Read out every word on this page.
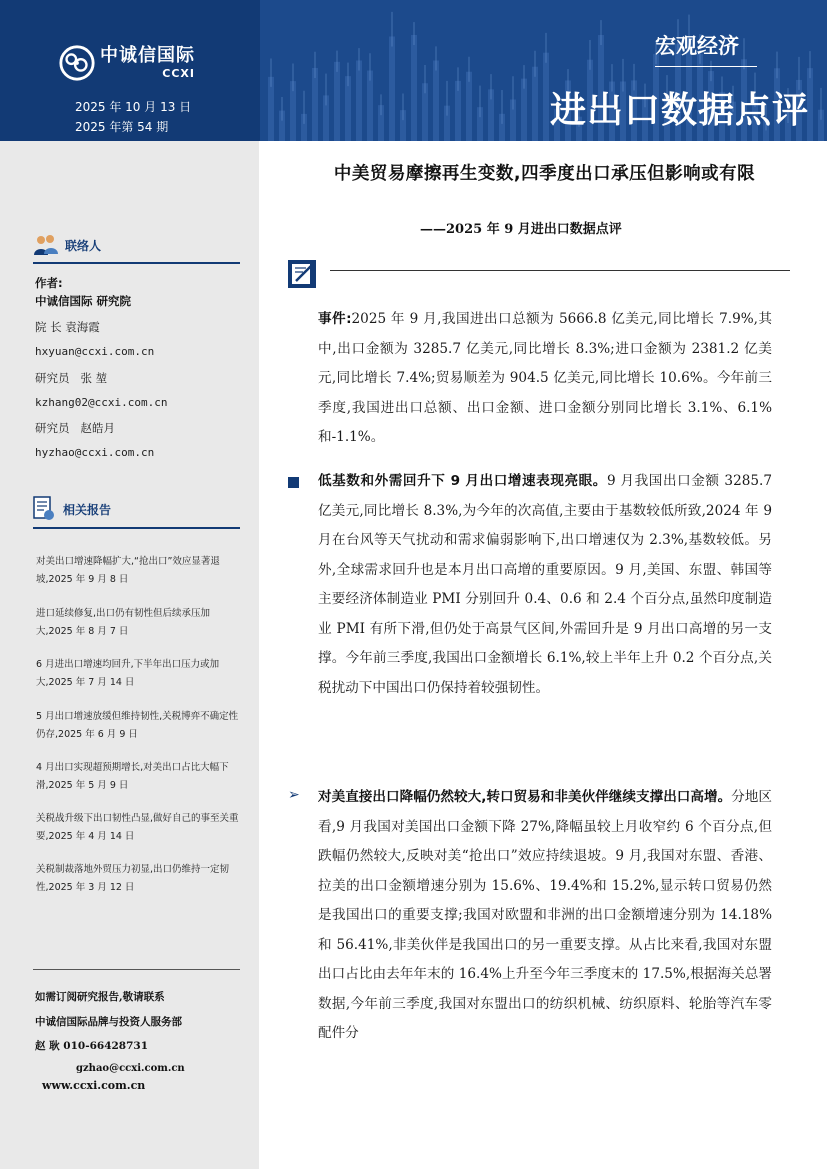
中诚信国际
CCXI
2025 年 10 月 13 日
2025 年第 54 期
宏观经济
进出口数据点评
联络人
作者:
中诚信国际 研究院
院 长 袁海霞
hxyuan@ccxi.com.cn
研究员   张 堃
kzhang02@ccxi.com.cn
研究员   赵皓月
hyzhao@ccxi.com.cn
相关报告
对美出口增速降幅扩大,“抢出口”效应显著退坡,2025 年 9 月 8 日
进口延续修复,出口仍有韧性但后续承压加大,2025 年 8 月 7 日
6 月进出口增速均回升,下半年出口压力或加大,2025 年 7 月 14 日
5 月出口增速放缓但维持韧性,关税博弈不确定性仍存,2025 年 6 月 9 日
4 月出口实现超预期增长,对美出口占比大幅下滑,2025 年 5 月 9 日
关税战升级下出口韧性凸显,做好自己的事至关重要,2025 年 4 月 14 日
关税制裁落地外贸压力初显,出口仍维持一定韧性,2025 年 3 月 12 日
如需订阅研究报告,敬请联系
中诚信国际品牌与投资人服务部
赵 耿 010-66428731
gzhao@ccxi.com.cn
www.ccxi.com.cn
中美贸易摩擦再生变数,四季度出口承压但影响或有限
——2025 年 9 月进出口数据点评
事件:2025 年 9 月,我国进出口总额为 5666.8 亿美元,同比增长 7.9%,其中,出口金额为 3285.7 亿美元,同比增长 8.3%;进口金额为 2381.2 亿美元,同比增长 7.4%;贸易顺差为 904.5 亿美元,同比增长 10.6%。今年前三季度,我国进出口总额、出口金额、进口金额分别同比增长 3.1%、6.1%和-1.1%。
低基数和外需回升下 9 月出口增速表现亮眼。9 月我国出口金额 3285.7 亿美元,同比增长 8.3%,为今年的次高值,主要由于基数较低所致,2024 年 9 月在台风等天气扰动和需求偏弱影响下,出口增速仅为 2.3%,基数较低。另外,全球需求回升也是本月出口高增的重要原因。9 月,美国、东盟、韩国等主要经济体制造业 PMI 分别回升 0.4、0.6 和 2.4 个百分点,虽然印度制造业 PMI 有所下滑,但仍处于高景气区间,外需回升是 9 月出口高增的另一支撑。今年前三季度,我国出口金额增长 6.1%,较上半年上升 0.2 个百分点,关税扰动下中国出口仍保持着较强韧性。
➢ 对美直接出口降幅仍然较大,转口贸易和非美伙伴继续支撑出口高增。分地区看,9 月我国对美国出口金额下降 27%,降幅虽较上月收窄约 6 个百分点,但跌幅仍然较大,反映对美“抢出口”效应持续退坡。9 月,我国对东盟、香港、拉美的出口金额增速分别为 15.6%、19.4%和 15.2%,显示转口贸易仍然是我国出口的重要支撑;我国对欧盟和非洲的出口金额增速分别为 14.18%和 56.41%,非美伙伴是我国出口的另一重要支撑。从占比来看,我国对东盟出口占比由去年年末的 16.4%上升至今年三季度末的 17.5%,根据海关总署数据,今年前三季度,我国对东盟出口的纺织机械、纺织原料、轮胎等汽车零配件分
